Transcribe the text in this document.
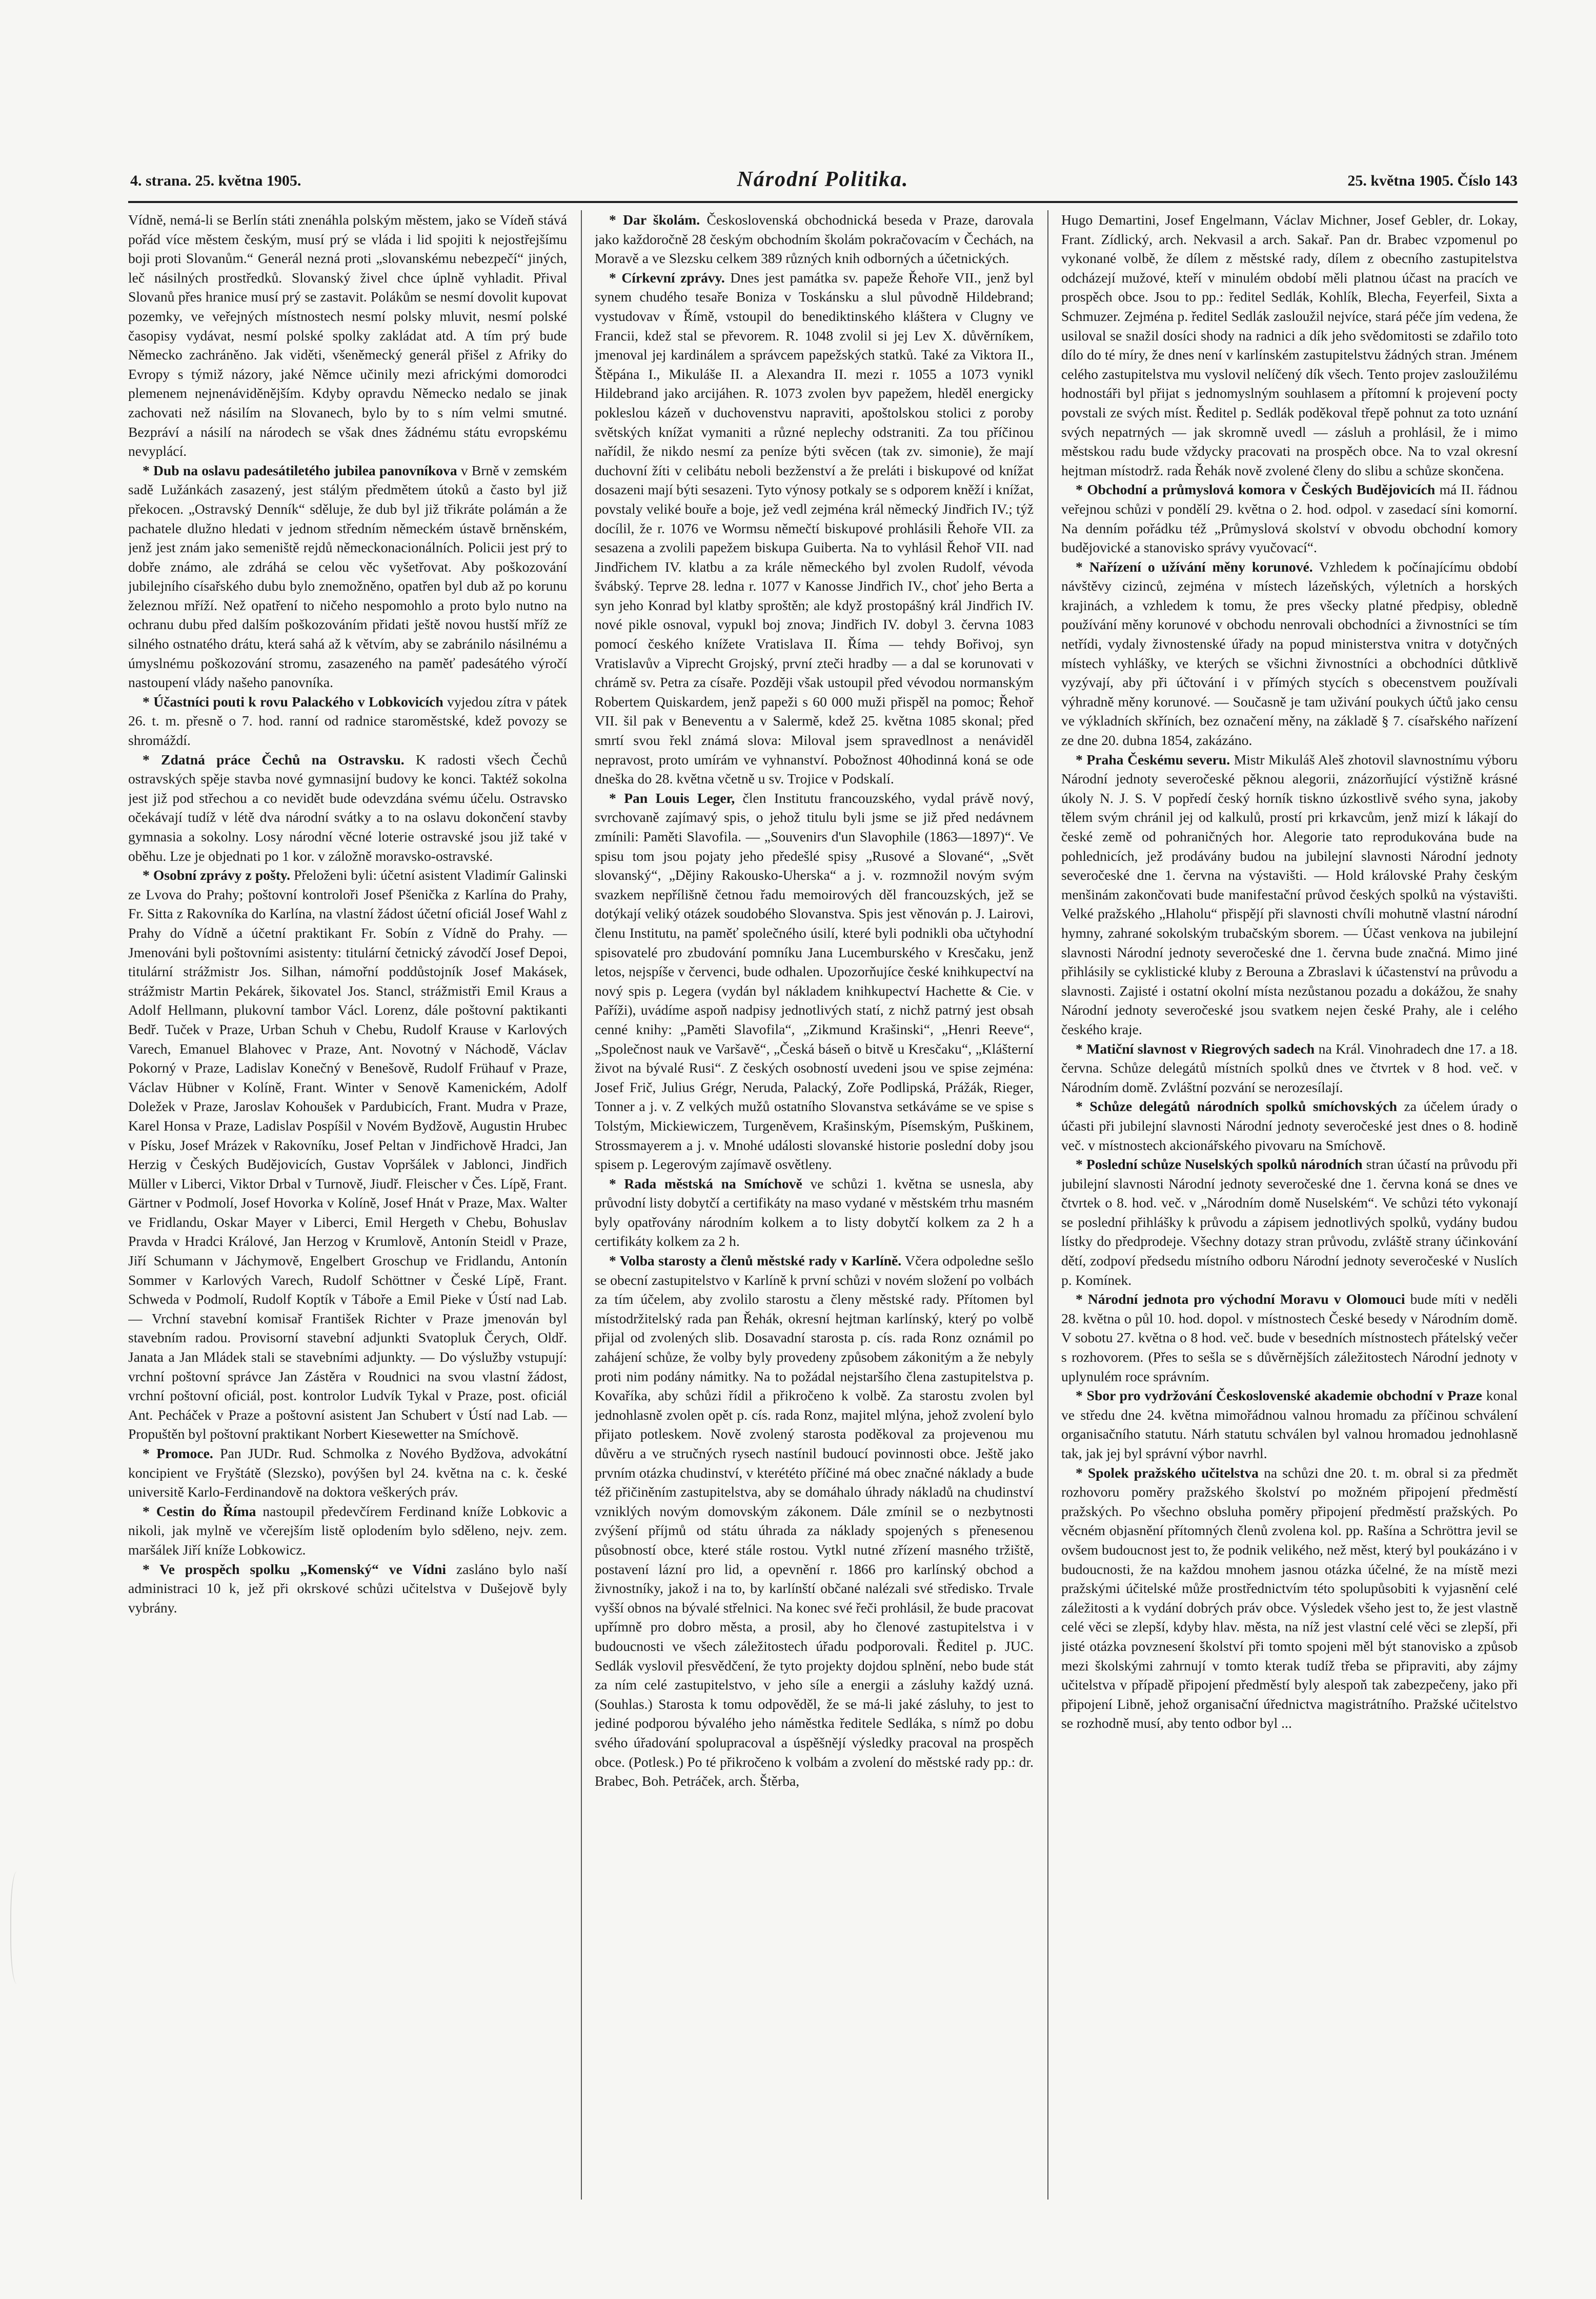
4. strana. 25. května 1905.	Národní Politika.	25. května 1905. Číslo 143

Vídně, nemá-li se Berlín státi znenáhla polským městem, jako se Vídeň stává pořád více městem českým, musí prý se vláda i lid spojiti k nejostřejšímu boji proti Slovanům.“ Generál nezná proti „slovanskému nebezpečí“ jiných, leč násilných prostředků. Slovanský živel chce úplně vyhladit. Přival Slovanů přes hranice musí prý se zastavit. Polákům se nesmí dovolit kupovat pozemky, ve veřejných místnostech nesmí polsky mluvit, nesmí polské časopisy vydávat, nesmí polské spolky zakládat atd. A tím prý bude Německo zachráněno. Jak viděti, všeněmecký generál přišel z Afriky do Evropy s týmiž názory, jaké Němce učinily mezi africkými domorodci plemenem nejnenáviděnějším. Kdyby opravdu Německo nedalo se jinak zachovati než násilím na Slovanech, bylo by to s ním velmi smutné. Bezpráví a násilí na národech se však dnes žádnému státu evropskému nevyplácí.

* Dub na oslavu padesátiletého jubilea panovníkova v Brně v zemském sadě Lužánkách zasazený, jest stálým předmětem útoků a často byl již překocen. „Ostravský Denník“ sděluje, že dub byl již třikráte polámán a že pachatele dlužno hledati v jednom středním německém ústavě brněnském, jenž jest znám jako semeniště rejdů německonacionálních. Policii jest prý to dobře známo, ale zdráhá se celou věc vyšetřovat. Aby poškozování jubilejního císařského dubu bylo znemožněno, opatřen byl dub až po korunu železnou mříží. Než opatření to ničeho nespomohlo a proto bylo nutno na ochranu dubu před dalším poškozováním přidati ještě novou hustší mříž ze silného ostnatého drátu, která sahá až k větvím, aby se zabránilo násilnému a úmyslnému poškozování stromu, zasazeného na paměť padesátého výročí nastoupení vlády našeho panovníka.

* Účastníci pouti k rovu Palackého v Lobkovicích vyjedou zítra v pátek 26. t. m. přesně o 7. hod. ranní od radnice staroměstské, kdež povozy se shromáždí.

* Zdatná práce Čechů na Ostravsku. K radosti všech Čechů ostravských spěje stavba nové gymnasijní budovy ke konci. Taktéž sokolna jest již pod střechou a co nevidět bude odevzdána svému účelu. Ostravsko očekávají tudíž v létě dva národní svátky a to na oslavu dokončení stavby gymnasia a sokolny. Losy národní věcné loterie ostravské jsou již také v oběhu. Lze je objednati po 1 kor. v záložně moravsko-ostravské.

* Osobní zprávy z pošty. Přeloženi byli: účetní asistent Vladimír Galinski ze Lvova do Prahy; poštovní kontroloři Josef Pšenička z Karlína do Prahy, Fr. Sitta z Rakovníka do Karlína, na vlastní žádost účetní oficiál Josef Wahl z Prahy do Vídně a účetní praktikant Fr. Sobín z Vídně do Prahy. — Jmenováni byli poštovními asistenty: titulární četnický závodčí Josef Depoi, titulární strážmistr Jos. Silhan, námořní poddůstojník Josef Makásek, strážmistr Martin Pekárek, šikovatel Jos. Stancl, strážmistři Emil Kraus a Adolf Hellmann, plukovní tambor Václ. Lorenz, dále poštovní paktikanti Bedř. Tuček v Praze, Urban Schuh v Chebu, Rudolf Krause v Karlových Varech, Emanuel Blahovec v Praze, Ant. Novotný v Náchodě, Václav Pokorný v Praze, Ladislav Konečný v Benešově, Rudolf Frühauf v Praze, Václav Hübner v Kolíně, Frant. Winter v Senově Kamenickém, Adolf Doležek v Praze, Jaroslav Kohoušek v Pardubicích, Frant. Mudra v Praze, Karel Honsa v Praze, Ladislav Pospíšil v Novém Bydžově, Augustin Hrubec v Písku, Josef Mrázek v Rakovníku, Josef Peltan v Jindřichově Hradci, Jan Herzig v Českých Budějovicích, Gustav Vopršálek v Jablonci, Jindřich Müller v Liberci, Viktor Drbal v Turnově, Jiudř. Fleischer v Čes. Lípě, Frant. Gärtner v Podmolí, Josef Hovorka v Kolíně, Josef Hnát v Praze, Max. Walter ve Fridlandu, Oskar Mayer v Liberci, Emil Hergeth v Chebu, Bohuslav Pravda v Hradci Králové, Jan Herzog v Krumlově, Antonín Steidl v Praze, Jiří Schumann v Jáchymově, Engelbert Groschup ve Fridlandu, Antonín Sommer v Karlových Varech, Rudolf Schöttner v České Lípě, Frant. Schweda v Podmolí, Rudolf Koptík v Táboře a Emil Pieke v Ústí nad Lab. — Vrchní stavební komisař František Richter v Praze jmenován byl stavebním radou. Provisorní stavební adjunkti Svatopluk Čerych, Oldř. Janata a Jan Mládek stali se stavebními adjunkty. — Do výslužby vstupují: vrchní poštovní správce Jan Zástěra v Roudnici na svou vlastní žádost, vrchní poštovní oficiál, post. kontrolor Ludvík Tykal v Praze, post. oficiál Ant. Pecháček v Praze a poštovní asistent Jan Schubert v Ústí nad Lab. — Propuštěn byl poštovní praktikant Norbert Kiesewetter na Smíchově.

* Promoce. Pan JUDr. Rud. Schmolka z Nového Bydžova, advokátní koncipient ve Fryštátě (Slezsko), povýšen byl 24. května na c. k. české universitě Karlo-Ferdinandově na doktora veškerých práv.

* Cestin do Říma nastoupil předevčírem Ferdinand kníže Lobkovic a nikoli, jak mylně ve včerejším listě oplodením bylo sděleno, nejv. zem. maršálek Jiří kníže Lobkowicz.

* Ve prospěch spolku „Komenský“ ve Vídni zasláno bylo naší administraci 10 k, jež při okrskové schůzi učitelstva v Dušejově byly vybrány.

* Dar školám. Československá obchodnická beseda v Praze, darovala jako každoročně 28 českým obchodním školám pokračovacím v Čechách, na Moravě a ve Slezsku celkem 389 různých knih odborných a účetnických.

* Církevní zprávy. Dnes jest památka sv. papeže Řehoře VII., jenž byl synem chudého tesaře Boniza v Toskánsku a slul původně Hildebrand; vystudovav v Římě, vstoupil do benediktinského kláštera v Clugny ve Francii, kdež stal se převorem. R. 1048 zvolil si jej Lev X. důvěrníkem, jmenoval jej kardinálem a správcem papežských statků. Také za Viktora II., Štěpána I., Mikuláše II. a Alexandra II. mezi r. 1055 a 1073 vynikl Hildebrand jako arcijáhen. R. 1073 zvolen byv papežem, hleděl energicky pokleslou kázeň v duchovenstvu napraviti, apoštolskou stolici z poroby světských knížat vymaniti a různé neplechy odstraniti. Za tou příčinou nařídil, že nikdo nesmí za peníze býti svěcen (tak zv. simonie), že mají duchovní žíti v celibátu neboli bezženství a že preláti i biskupové od knížat dosazeni mají býti sesazeni. Tyto výnosy potkaly se s odporem kněží i knížat, povstaly veliké bouře a boje, jež vedl zejména král německý Jindřich IV.; týž docílil, že r. 1076 ve Wormsu němečtí biskupové prohlásili Řehoře VII. za sesazena a zvolili papežem biskupa Guiberta. Na to vyhlásil Řehoř VII. nad Jindřichem IV. klatbu a za krále německého byl zvolen Rudolf, vévoda švábský. Teprve 28. ledna r. 1077 v Kanosse Jindřich IV., choť jeho Berta a syn jeho Konrad byl klatby sproštěn; ale když prostopášný král Jindřich IV. nové pikle osnoval, vypukl boj znova; Jindřich IV. dobyl 3. června 1083 pomocí českého knížete Vratislava II. Říma — tehdy Bořivoj, syn Vratislavův a Viprecht Grojský, první zteči hradby — a dal se korunovati v chrámě sv. Petra za císaře. Později však ustoupil před vévodou normanským Robertem Quiskardem, jenž papeži s 60 000 muži přispěl na pomoc; Řehoř VII. šil pak v Beneventu a v Salermě, kdež 25. května 1085 skonal; před smrtí svou řekl známá slova: Miloval jsem spravedlnost a nenáviděl nepravost, proto umírám ve vyhnanství. Pobožnost 40hodinná koná se ode dneška do 28. května včetně u sv. Trojice v Podskalí.

* Pan Louis Leger, člen Institutu francouzského, vydal právě nový, svrchovaně zajímavý spis, o jehož titulu byli jsme se již před nedávnem zmínili: Paměti Slavofila. — „Souvenirs d'un Slavophile (1863—1897)“. Ve spisu tom jsou pojaty jeho předešlé spisy „Rusové a Slované“, „Svět slovanský“, „Dějiny Rakousko-Uherska“ a j. v. rozmnožil novým svým svazkem nepřílišně četnou řadu memoirových děl francouzských, jež se dotýkají veliký otázek soudobého Slovanstva. Spis jest věnován p. J. Lairovi, členu Institutu, na paměť společného úsilí, které byli podnikli oba učtyhodní spisovatelé pro zbudování pomníku Jana Lucemburského v Kresčaku, jenž letos, nejspíše v červenci, bude odhalen. Upozorňujíce české knihkupectví na nový spis p. Legera (vydán byl nákladem knihkupectví Hachette & Cie. v Paříži), uvádíme aspoň nadpisy jednotlivých statí, z nichž patrný jest obsah cenné knihy: „Paměti Slavofila“, „Zikmund Krašinski“, „Henri Reeve“, „Společnost nauk ve Varšavě“, „Česká báseň o bitvě u Kresčaku“, „Klášterní život na bývalé Rusi“. Z českých osobností uvedeni jsou ve spise zejména: Josef Frič, Julius Grégr, Neruda, Palacký, Zoře Podlipská, Prážák, Rieger, Tonner a j. v. Z velkých mužů ostatního Slovanstva setkáváme se ve spise s Tolstým, Mickiewiczem, Turgeněvem, Krašinským, Písemským, Puškinem, Strossmayerem a j. v. Mnohé události slovanské historie poslední doby jsou spisem p. Legerovým zajímavě osvětleny.

* Rada městská na Smíchově ve schůzi 1. května se usnesla, aby průvodní listy dobytčí a certifikáty na maso vydané v městském trhu masném byly opatřovány národním kolkem a to listy dobytčí kolkem za 2 h a certifikáty kolkem za 2 h.

* Volba starosty a členů městské rady v Karlíně. Včera odpoledne sešlo se obecní zastupitelstvo v Karlíně k první schůzi v novém složení po volbách za tím účelem, aby zvolilo starostu a členy městské rady. Přítomen byl místodržitelský rada pan Řehák, okresní hejtman karlínský, který po volbě přijal od zvolených slib. Dosavadní starosta p. cís. rada Ronz oznámil po zahájení schůze, že volby byly provedeny způsobem zákonitým a že nebyly proti nim podány námitky. Na to požádal nejstaršího člena zastupitelstva p. Kovaříka, aby schůzi řídil a přikročeno k volbě. Za starostu zvolen byl jednohlasně zvolen opět p. cís. rada Ronz, majitel mlýna, jehož zvolení bylo přijato potleskem. Nově zvolený starosta poděkoval za projevenou mu důvěru a ve stručných rysech nastínil budoucí povinnosti obce. Ještě jako prvním otázka chudinství, v kterététo příčiné má obec značné náklady a bude též přičiněním zastupitelstva, aby se domáhalo úhrady nákladů na chudinství vzniklých novým domovským zákonem. Dále zmínil se o nezbytnosti zvýšení příjmů od státu úhrada za náklady spojených s přenesenou působností obce, které stále rostou. Vytkl nutné zřízení masného tržiště, postavení lázní pro lid, a opevnění r. 1866 pro karlínský obchod a živnostníky, jakož i na to, by karlínští občané nalézali své středisko. Trvale vyšší obnos na bývalé střelnici. Na konec své řeči prohlásil, že bude pracovat upřímně pro dobro města, a prosil, aby ho členové zastupitelstva i v budoucnosti ve všech záležitostech úřadu podporovali. Ředitel p. JUC. Sedlák vyslovil přesvědčení, že tyto projekty dojdou splnění, nebo bude stát za ním celé zastupitelstvo, v jeho síle a energii a zásluhy každý uzná. (Souhlas.) Starosta k tomu odpověděl, že se má-li jaké zásluhy, to jest to jediné podporou bývalého jeho náměstka ředitele Sedláka, s nímž po dobu svého úřadování spolupracoval a úspěšnějí výsledky pracoval na prospěch obce. (Potlesk.) Po té přikročeno k volbám a zvolení do městské rady pp.: dr. Brabec, Boh. Petráček, arch. Štěrba,

Hugo Demartini, Josef Engelmann, Václav Michner, Josef Gebler, dr. Lokay, Frant. Zídlický, arch. Nekvasil a arch. Sakař. Pan dr. Brabec vzpomenul po vykonané volbě, že dílem z městské rady, dílem z obecního zastupitelstva odcházejí mužové, kteří v minulém období měli platnou účast na pracích ve prospěch obce. Jsou to pp.: ředitel Sedlák, Kohlík, Blecha, Feyerfeil, Sixta a Schmuzer. Zejména p. ředitel Sedlák zasloužil nejvíce, stará péče jím vedena, že usiloval se snažil dosíci shody na radnici a dík jeho svědomitosti se zdařilo toto dílo do té míry, že dnes není v karlínském zastupitelstvu žádných stran. Jménem celého zastupitelstva mu vyslovil nelíčený dík všech. Tento projev zasloužilému hodnostáři byl přijat s jednomyslným souhlasem a přítomní k projevení pocty povstali ze svých míst. Ředitel p. Sedlák poděkoval třepě pohnut za toto uznání svých nepatrných — jak skromně uvedl — zásluh a prohlásil, že i mimo městskou radu bude vždycky pracovati na prospěch obce. Na to vzal okresní hejtman místodrž. rada Řehák nově zvolené členy do slibu a schůze skončena.

* Obchodní a průmyslová komora v Českých Budějovicích má II. řádnou veřejnou schůzi v pondělí 29. května o 2. hod. odpol. v zasedací síni komorní. Na denním pořádku též „Průmyslová skolství v obvodu obchodní komory budějovické a stanovisko správy vyučovací“.

* Nařízení o užívání měny korunové. Vzhledem k počínajícímu období návštěvy cizinců, zejména v místech lázeňských, výletních a horských krajinách, a vzhledem k tomu, že pres všecky platné předpisy, obledně používání měny korunové v obchodu nenrovali obchodníci a živnostníci se tím netřídi, vydaly živnostenské úřady na popud ministerstva vnitra v dotyčných místech vyhlášky, ve kterých se všichni živnostníci a obchodníci důtklivě vyzývají, aby při účtování i v přímých stycích s obecenstvem používali výhradně měny korunové. — Současně je tam uživání poukych účtů jako censu ve výkladních skříních, bez označení měny, na základě § 7. císařského nařízení ze dne 20. dubna 1854, zakázáno.

* Praha Českému severu. Mistr Mikuláš Aleš zhotovil slavnostnímu výboru Národní jednoty severočeské pěknou alegorii, znázorňující výstižně krásné úkoly N. J. S. V popředí český horník tiskno úzkostlivě svého syna, jakoby tělem svým chránil jej od kalkulů, prostí pri krkavcům, jenž mizí k lákají do české země od pohraničných hor. Alegorie tato reprodukována bude na pohlednicích, jež prodávány budou na jubilejní slavnosti Národní jednoty severočeské dne 1. června na výstavišti. — Hold královské Prahy českým menšinám zakončovati bude manifestační průvod českých spolků na výstavišti. Velké pražského „Hlaholu“ přispějí při slavnosti chvíli mohutně vlastní národní hymny, zahrané sokolským trubačským sborem. — Účast venkova na jubilejní slavnosti Národní jednoty severočeské dne 1. června bude značná. Mimo jiné přihlásily se cyklistické kluby z Berouna a Zbraslavi k účastenství na průvodu a slavnosti. Zajisté i ostatní okolní místa nezůstanou pozadu a dokážou, že snahy Národní jednoty severočeské jsou svatkem nejen české Prahy, ale i celého českého kraje.

* Matiční slavnost v Riegrových sadech na Král. Vinohradech dne 17. a 18. června. Schůze delegátů místních spolků dnes ve čtvrtek v 8 hod. več. v Národním domě. Zvláštní pozvání se nerozesílají.

* Schůze delegátů národních spolků smíchovských za účelem úrady o účasti při jubilejní slavnosti Národní jednoty severočeské jest dnes o 8. hodině več. v místnostech akcionářského pivovaru na Smíchově.

* Poslední schůze Nuselských spolků národních stran účastí na průvodu při jubilejní slavnosti Národní jednoty severočeské dne 1. června koná se dnes ve čtvrtek o 8. hod. več. v „Národním domě Nuselském“. Ve schůzi této vykonají se poslední přihlášky k průvodu a zápisem jednotlivých spolků, vydány budou lístky do předprodeje. Všechny dotazy stran průvodu, zvláště strany účinkování dětí, zodpoví předsedu místního odboru Národní jednoty severočeské v Nuslích p. Komínek.

* Národní jednota pro východní Moravu v Olomouci bude míti v neděli 28. května o půl 10. hod. dopol. v místnostech České besedy v Národním domě. V sobotu 27. května o 8 hod. več. bude v besedních místnostech přátelský večer s rozhovorem. (Přes to sešla se s důvěrnějších záležitostech Národní jednoty v uplynulém roce správním.

* Sbor pro vydržování Československé akademie obchodní v Praze konal ve středu dne 24. května mimořádnou valnou hromadu za příčinou schválení organisačního statutu. Nárh statutu schválen byl valnou hromadou jednohlasně tak, jak jej byl správní výbor navrhl.

* Spolek pražského učitelstva na schůzi dne 20. t. m. obral si za předmět rozhovoru poměry pražského školství po možném připojení předměstí pražských. Po všechno obsluha poměry připojení předměstí pražských. Po věcném objasnění přítomných členů zvolena kol. pp. Rašína a Schröttra jevil se ovšem budoucnost jest to, že podnik velikého, než měst, který byl poukázáno i v budoucnosti, že na každou mnohem jasnou otázka účelné, že na místě mezi pražskými účitelské může prostřednictvím této spolupůsobiti k vyjasnění celé záležitosti a k vydání dobrých práv obce. Výsledek všeho jest to, že jest vlastně celé věci se zlepší, kdyby hlav. města, na níž jest vlastní celé věci se zlepší, při jisté otázka povznesení školství při tomto spojeni měl být stanovisko a způsob mezi školskými zahrnují v tomto kterak tudíž třeba se připraviti, aby zájmy učitelstva v případě připojení předměstí byly alespoň tak zabezpečeny, jako při připojení Libně, jehož organisační úřednictva magistrátního. Pražské učitelstvo se rozhodně musí, aby tento odbor byl ...
